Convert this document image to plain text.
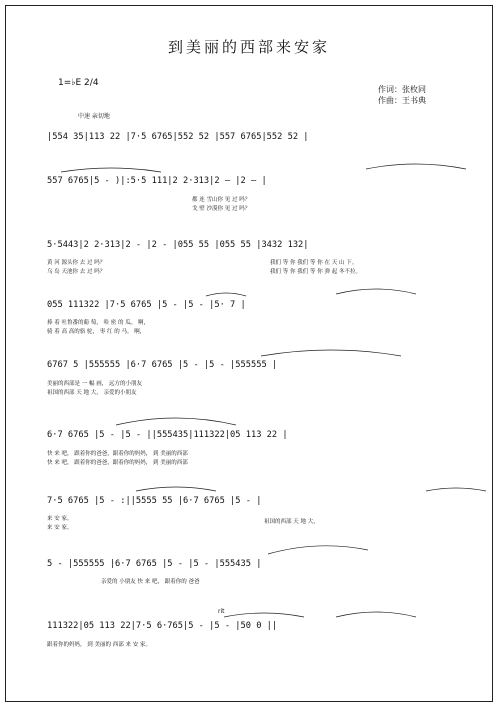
到美丽的西部来安家
1=♭E 2/4
作词：张枚同
作曲：王书典
中速 亲切地
|554 35|113 22 |7·5 6765|552 52 |557 6765|552 52 |
557 6765|5 - )|:5·5 111|2 2·313|2 — |2 — |
都 连 雪山你 见 过 吗？
戈 壁 沙漠你 见 过 吗？
5·5443|2 2·313|2 - |2 - |055 55 |055 55 |3432 132|
黄 河 源头你 去 过 吗？	我们 等 你 我们 等 你 在 天 山 下。
乌 岛 天池你 去 过 吗？	我们 等 你 我们 等 你 弹 起 冬不拉。
055 111322 |7·5 6765 |5 - |5 - |5· 7 |
捧 着 吐鲁番的葡 萄， 哈 密 的 瓜。 啊，
骑 着 高 高的骆 驼， 枣 红 的 马。 啊，
6767 5 |555555 |6·7 6765 |5 - |5 - |555555 |
美丽的西部是 一 幅 画， 远方的小朋友
祖国的西部 天 地 大， 亲爱的小朋友
6·7 6765 |5 - |5 - ||555435|111322|05 113 22 |
快 来 吧， 跟着你的爸爸，跟着你的妈妈， 到 美丽的西部
快 来 吧， 跟着你的爸爸，跟着你的妈妈， 到 美丽的西部
7·5 6765 |5 - :||5555 55 |6·7 6765 |5 - |
来 安 家。
来 安 家。
祖国的西部 天 地 大，
5 - |555555 |6·7 6765 |5 - |5 - |555435 |
亲爱的 小朋友 快 来 吧， 跟着你的 爸爸
rit
111322|05 113 22|7·5 6·765|5 - |5 - |50 0 ||
跟着你的妈妈， 到 美丽的 西部 来 安 家。
